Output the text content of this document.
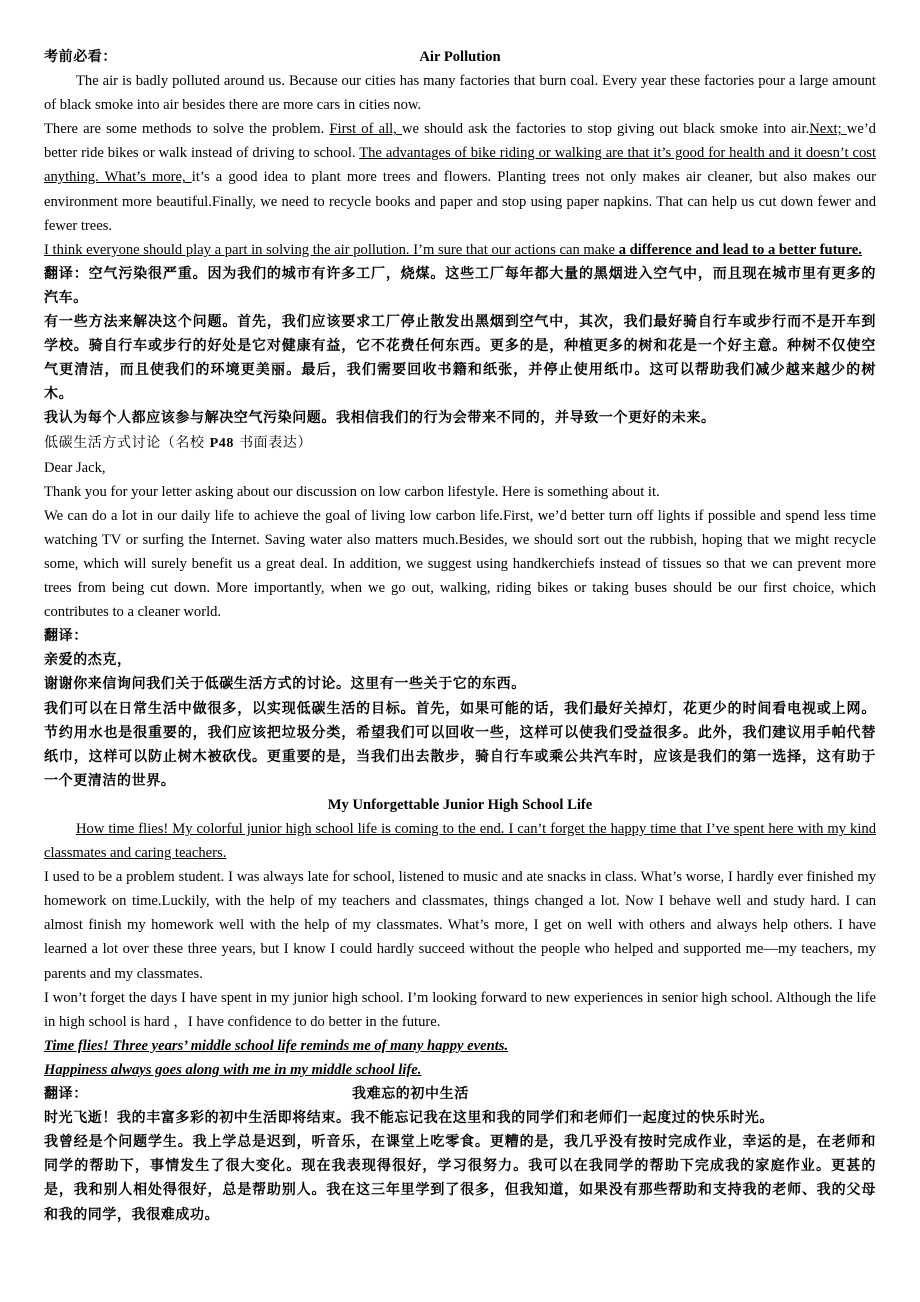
考前必看：	Air Pollution

The air is badly polluted around us. Because our cities has many factories that burn coal. Every year these factories pour a large amount of black smoke into air besides there are more cars in cities now.

There are some methods to solve the problem. First of all, we should ask the factories to stop giving out black smoke into air.Next; we’d better ride bikes or walk instead of driving to school. The advantages of bike riding or walking are that it’s good for health and it doesn’t cost anything. What’s more, it’s a good idea to plant more trees and flowers. Planting trees not only makes air cleaner, but also makes our environment more beautiful.Finally, we need to recycle books and paper and stop using paper napkins. That can help us cut down fewer and fewer trees.

I think everyone should play a part in solving the air pollution. I’m sure that our actions can make a difference and lead to a better future.

翻译：空气污染很严重。因为我们的城市有许多工厂，烧煤。这些工厂每年都大量的黑烟进入空气中，而且现在城市里有更多的汽车。

有一些方法来解决这个问题。首先，我们应该要求工厂停止散发出黑烟到空气中，其次，我们最好骑自行车或步行而不是开车到学校。骑自行车或步行的好处是它对健康有益，它不花费任何东西。更多的是，种植更多的树和花是一个好主意。种树不仅使空气更清洁，而且使我们的环境更美丽。最后，我们需要回收书籍和纸张，并停止使用纸巾。这可以帮助我们减少越来越少的树木。

我认为每个人都应该参与解决空气污染问题。我相信我们的行为会带来不同的，并导致一个更好的未来。

低碳生活方式讨论（名校 P48 书面表达）

Dear Jack,

Thank you for your letter asking about our discussion on low carbon lifestyle. Here is something about it.

We can do a lot in our daily life to achieve the goal of living low carbon life.First, we’d better turn off lights if possible and spend less time watching TV or surfing the Internet. Saving water also matters much.Besides, we should sort out the rubbish, hoping that we might recycle some, which will surely benefit us a great deal. In addition, we suggest using handkerchiefs instead of tissues so that we can prevent more trees from being cut down. More importantly, when we go out, walking, riding bikes or taking buses should be our first choice, which contributes to a cleaner world.

翻译：

亲爱的杰克，

谢谢你来信询问我们关于低碳生活方式的讨论。这里有一些关于它的东西。

我们可以在日常生活中做很多，以实现低碳生活的目标。首先，如果可能的话，我们最好关掉灯，花更少的时间看电视或上网。节约用水也是很重要的，我们应该把垃圾分类，希望我们可以回收一些，这样可以使我们受益很多。此外，我们建议用手帕代替纸巾，这样可以防止树木被砍伐。更重要的是，当我们出去散步，骑自行车或乘公共汽车时，应该是我们的第一选择，这有助于一个更清洁的世界。

My Unforgettable Junior High School Life

How time flies! My colorful junior high school life is coming to the end. I can’t forget the happy time that I’ve spent here with my kind classmates and caring teachers.

I used to be a problem student. I was always late for school, listened to music and ate snacks in class. What’s worse, I hardly ever finished my homework on time.Luckily, with the help of my teachers and classmates, things changed a lot. Now I behave well and study hard. I can almost finish my homework well with the help of my classmates. What’s more, I get on well with others and always help others. I have learned a lot over these three years, but I know I could hardly succeed without the people who helped and supported me—my teachers, my parents and my classmates.

I won’t forget the days I have spent in my junior high school. I’m looking forward to new experiences in senior high school. Although the life in high school is hard ，I have confidence to do better in the future.

Time flies! Three years’ middle school life reminds me of many happy events.

Happiness always goes along with me in my middle school life.

翻译：	我难忘的初中生活

时光飞逝！我的丰富多彩的初中生活即将结束。我不能忘记我在这里和我的同学们和老师们一起度过的快乐时光。

我曾经是个问题学生。我上学总是迟到，听音乐，在课堂上吃零食。更糟的是，我几乎没有按时完成作业，幸运的是，在老师和同学的帮助下，事情发生了很大变化。现在我表现得很好，学习很努力。我可以在我同学的帮助下完成我的家庭作业。更甚的是，我和别人相处得很好，总是帮助别人。我在这三年里学到了很多，但我知道，如果没有那些帮助和支持我的老师、我的父母和我的同学，我很难成功。
